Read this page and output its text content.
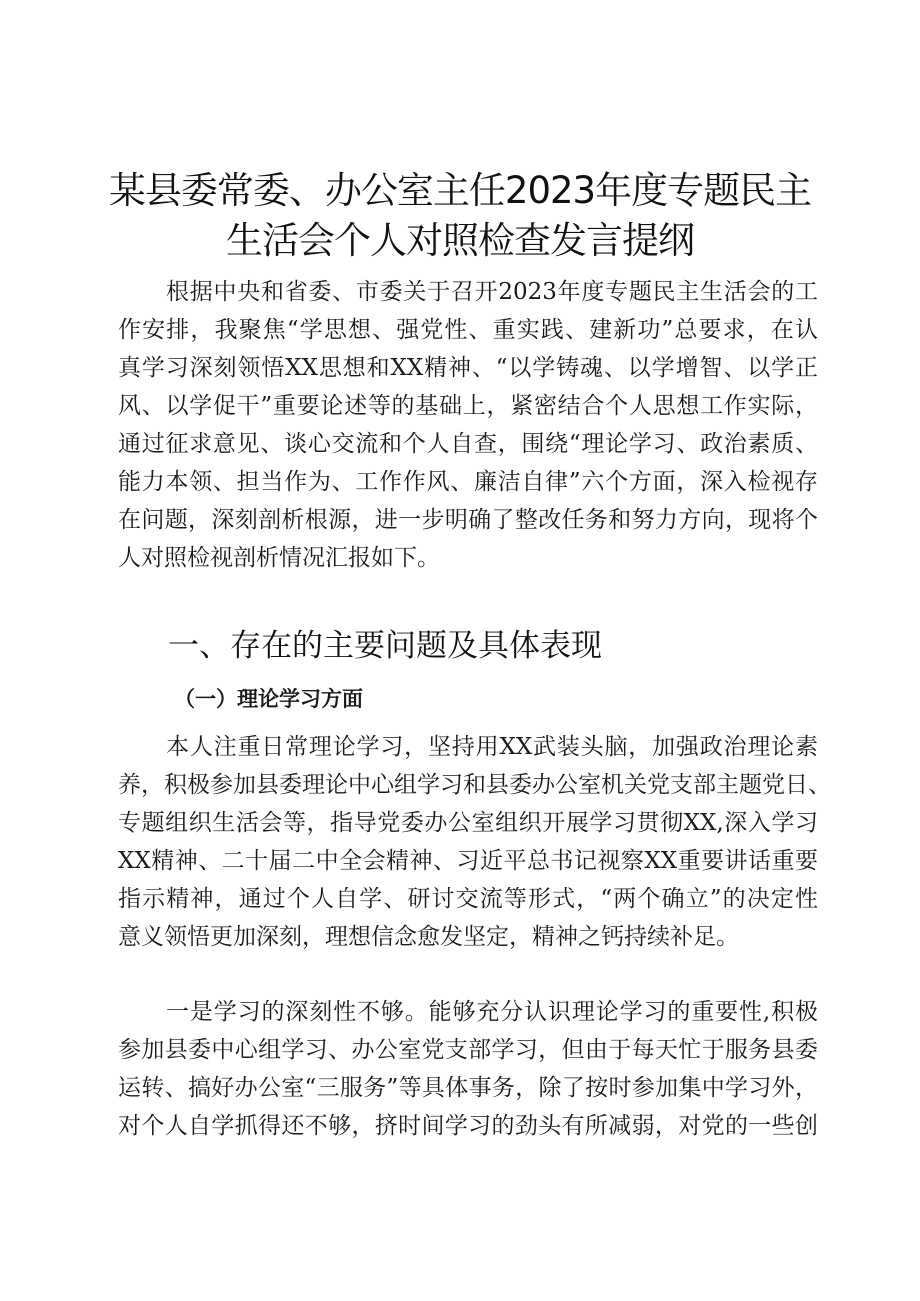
某县委常委、办公室主任2023年度专题民主
生活会个人对照检查发言提纲
根据中央和省委、市委关于召开2023年度专题民主生活会的工
作安排，我聚焦“学思想、强党性、重实践、建新功”总要求，在认
真学习深刻领悟XX思想和XX精神、“以学铸魂、以学增智、以学正
风、以学促干”重要论述等的基础上，紧密结合个人思想工作实际，
通过征求意见、谈心交流和个人自查，围绕“理论学习、政治素质、
能力本领、担当作为、工作作风、廉洁自律”六个方面，深入检视存
在问题，深刻剖析根源，进一步明确了整改任务和努力方向，现将个
人对照检视剖析情况汇报如下。
一、存在的主要问题及具体表现
（一）理论学习方面
本人注重日常理论学习，坚持用XX武装头脑，加强政治理论素
养，积极参加县委理论中心组学习和县委办公室机关党支部主题党日、
专题组织生活会等，指导党委办公室组织开展学习贯彻XX,深入学习
XX精神、二十届二中全会精神、习近平总书记视察XX重要讲话重要
指示精神，通过个人自学、研讨交流等形式，“两个确立”的决定性
意义领悟更加深刻，理想信念愈发坚定，精神之钙持续补足。
一是学习的深刻性不够。能够充分认识理论学习的重要性,积极
参加县委中心组学习、办公室党支部学习，但由于每天忙于服务县委
运转、搞好办公室“三服务”等具体事务，除了按时参加集中学习外，
对个人自学抓得还不够，挤时间学习的劲头有所减弱，对党的一些创
